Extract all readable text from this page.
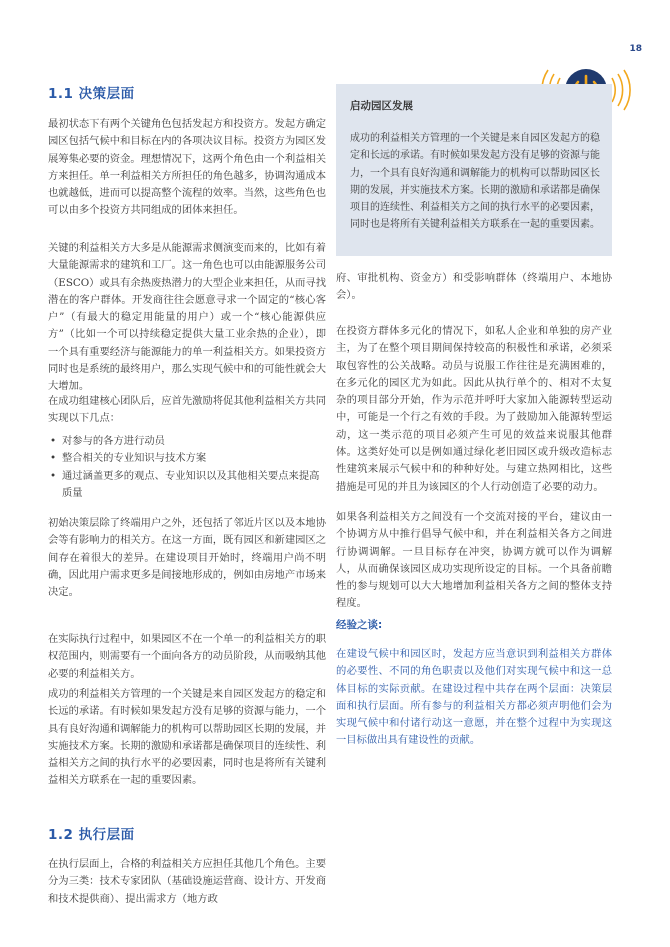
18
1.1 决策层面

最初状态下有两个关键角色包括发起方和投资方。发起方确定园区包括气候中和目标在内的各项决议目标。投资方为园区发展筹集必要的资金。理想情况下，这两个角色由一个利益相关方来担任。单一利益相关方所担任的角色越多，协调沟通成本也就越低，进而可以提高整个流程的效率。当然，这些角色也可以由多个投资方共同组成的团体来担任。

关键的利益相关方大多是从能源需求侧演变而来的，比如有着大量能源需求的建筑和工厂。这一角色也可以由能源服务公司（ESCO）或具有余热废热潜力的大型企业来担任，从而寻找潜在的客户群体。开发商往往会愿意寻求一个固定的“核心客户”（有最大的稳定用能量的用户）或一个“核心能源供应方”（比如一个可以持续稳定提供大量工业余热的企业），即一个具有重要经济与能源能力的单一利益相关方。如果投资方同时也是系统的最终用户，那么实现气候中和的可能性就会大大增加。

在成功组建核心团队后，应首先激励将促其他利益相关方共同实现以下几点：

• 对参与的各方进行动员
• 整合相关的专业知识与技术方案
• 通过涵盖更多的观点、专业知识以及其他相关要点来提高质量

初始决策层除了终端用户之外，还包括了邻近片区以及本地协会等有影响力的相关方。在这一方面，既有园区和新建园区之间存在着很大的差异。在建设项目开始时，终端用户尚不明确，因此用户需求更多是间接地形成的，例如由房地产市场来决定。

在实际执行过程中，如果园区不在一个单一的利益相关方的职权范围内，则需要有一个面向各方的动员阶段，从而吸纳其他必要的利益相关方。

成功的利益相关方管理的一个关键是来自园区发起方的稳定和长远的承诺。有时候如果发起方没有足够的资源与能力，一个具有良好沟通和调解能力的机构可以帮助园区长期的发展，并实施技术方案。长期的激励和承诺都是确保项目的连续性、利益相关方之间的执行水平的必要因素，同时也是将所有关键利益相关方联系在一起的重要因素。

1.2 执行层面

在执行层面上，合格的利益相关方应担任其他几个角色。主要分为三类：技术专家团队（基础设施运营商、设计方、开发商和技术提供商）、提出需求方（地方政

启动园区发展

成功的利益相关方管理的一个关键是来自园区发起方的稳定和长远的承诺。有时候如果发起方没有足够的资源与能力，一个具有良好沟通和调解能力的机构可以帮助园区长期的发展，并实施技术方案。长期的激励和承诺都是确保项目的连续性、利益相关方之间的执行水平的必要因素，同时也是将所有关键利益相关方联系在一起的重要因素。

府、审批机构、资金方）和受影响群体（终端用户、本地协会）。

在投资方群体多元化的情况下，如私人企业和单独的房产业主，为了在整个项目期间保持较高的积极性和承诺，必须采取包容性的公关战略。动员与说服工作往往是充满困难的，在多元化的园区尤为如此。因此从执行单个的、相对不太复杂的项目部分开始，作为示范并呼吁大家加入能源转型运动中，可能是一个行之有效的手段。为了鼓励加入能源转型运动，这一类示范的项目必须产生可见的效益来说服其他群体。这类好处可以是例如通过绿化老旧园区或升级改造标志性建筑来展示气候中和的种种好处。与建立热网相比，这些措施是可见的并且为该园区的个人行动创造了必要的动力。

如果各利益相关方之间没有一个交流对接的平台，建议由一个协调方从中推行倡导气候中和，并在利益相关各方之间进行协调调解。一旦目标存在冲突，协调方就可以作为调解人，从而确保该园区成功实现所设定的目标。一个具备前瞻性的参与规划可以大大地增加利益相关各方之间的整体支持程度。

经验之谈:

在建设气候中和园区时，发起方应当意识到利益相关方群体的必要性、不同的角色职责以及他们对实现气候中和这一总体目标的实际贡献。在建设过程中共存在两个层面：决策层面和执行层面。所有参与的利益相关方都必须声明他们会为实现气候中和付诸行动这一意愿，并在整个过程中为实现这一目标做出具有建设性的贡献。
